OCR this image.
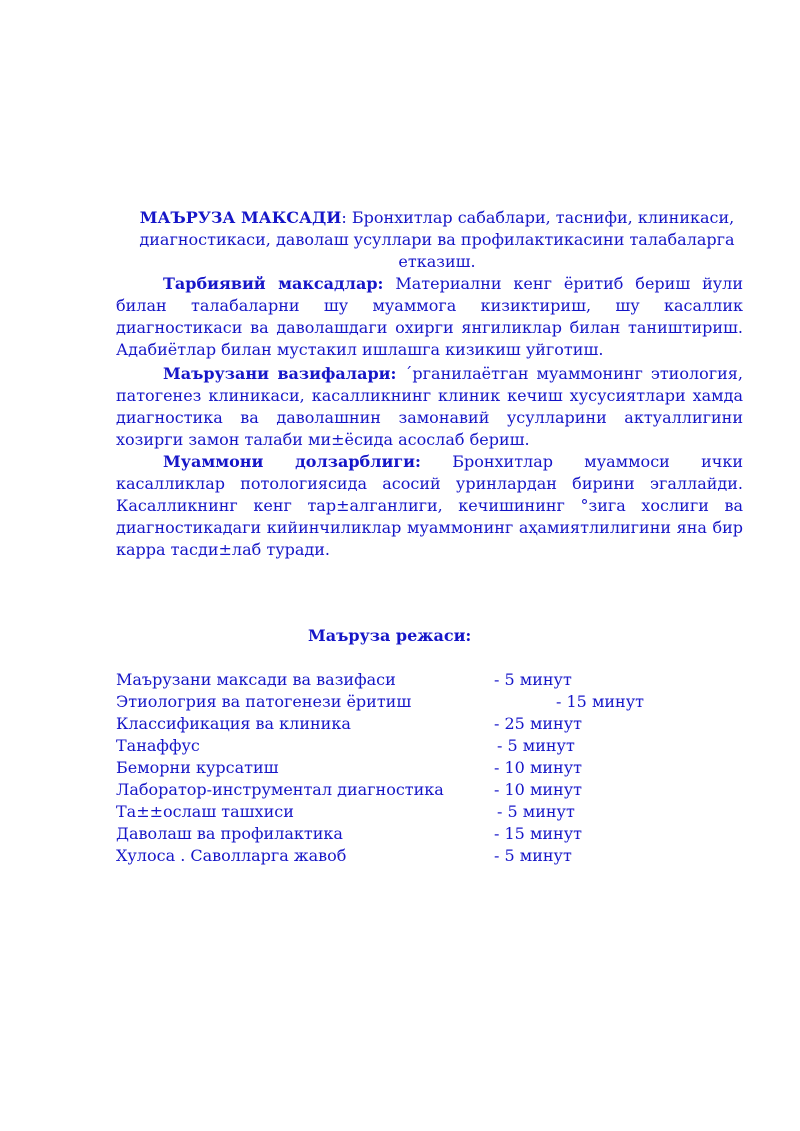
МАЪРУЗА МАКСАДИ: Бронхитлар сабаблари, таснифи, клиникаси, диагностикаси, даволаш усуллари ва профилактикасини талабаларга етказиш.
Тарбиявий максадлар: Материални кенг ёритиб бериш йули билан талабаларни шу муаммога кизиктириш, шу касаллик диагностикаси ва даволашдаги охирги янгиликлар билан таништириш. Адабиётлар билан мустакил ишлашга кизикиш уйготиш.
Маърузани вазифалари: ´рганилаётган муаммонинг этиология, патогенез клиникаси, касалликнинг клиник кечиш хусусиятлари хамда диагностика ва даволашнин замонавий усулларини актуаллигини хозирги замон талаби ми±ёсида асослаб бериш.
Муаммони долзарблиги: Бронхитлар муаммоси ички касалликлар потологиясида асосий уринлардан бирини эгаллайди. Касалликнинг кенг тар±алганлиги, кечишининг °зига хослиги ва диагностикадаги кийинчиликлар муаммонинг аҳамиятлилигини яна бир карра тасди±лаб туради.
Маъруза режаси:
Маърузани максади ва вазифаси	- 5 минут
Этиологрия ва патогенези ёритиш	- 15 минут
Классификация ва клиника	- 25 минут
Танаффус	- 5 минут
Беморни курсатиш	- 10 минут
Лаборатор-инструментал диагностика	- 10 минут
Та±±ослаш ташхиси	- 5 минут
Даволаш ва профилактика	- 15 минут
Хулоса . Саволларга жавоб	- 5 минут
